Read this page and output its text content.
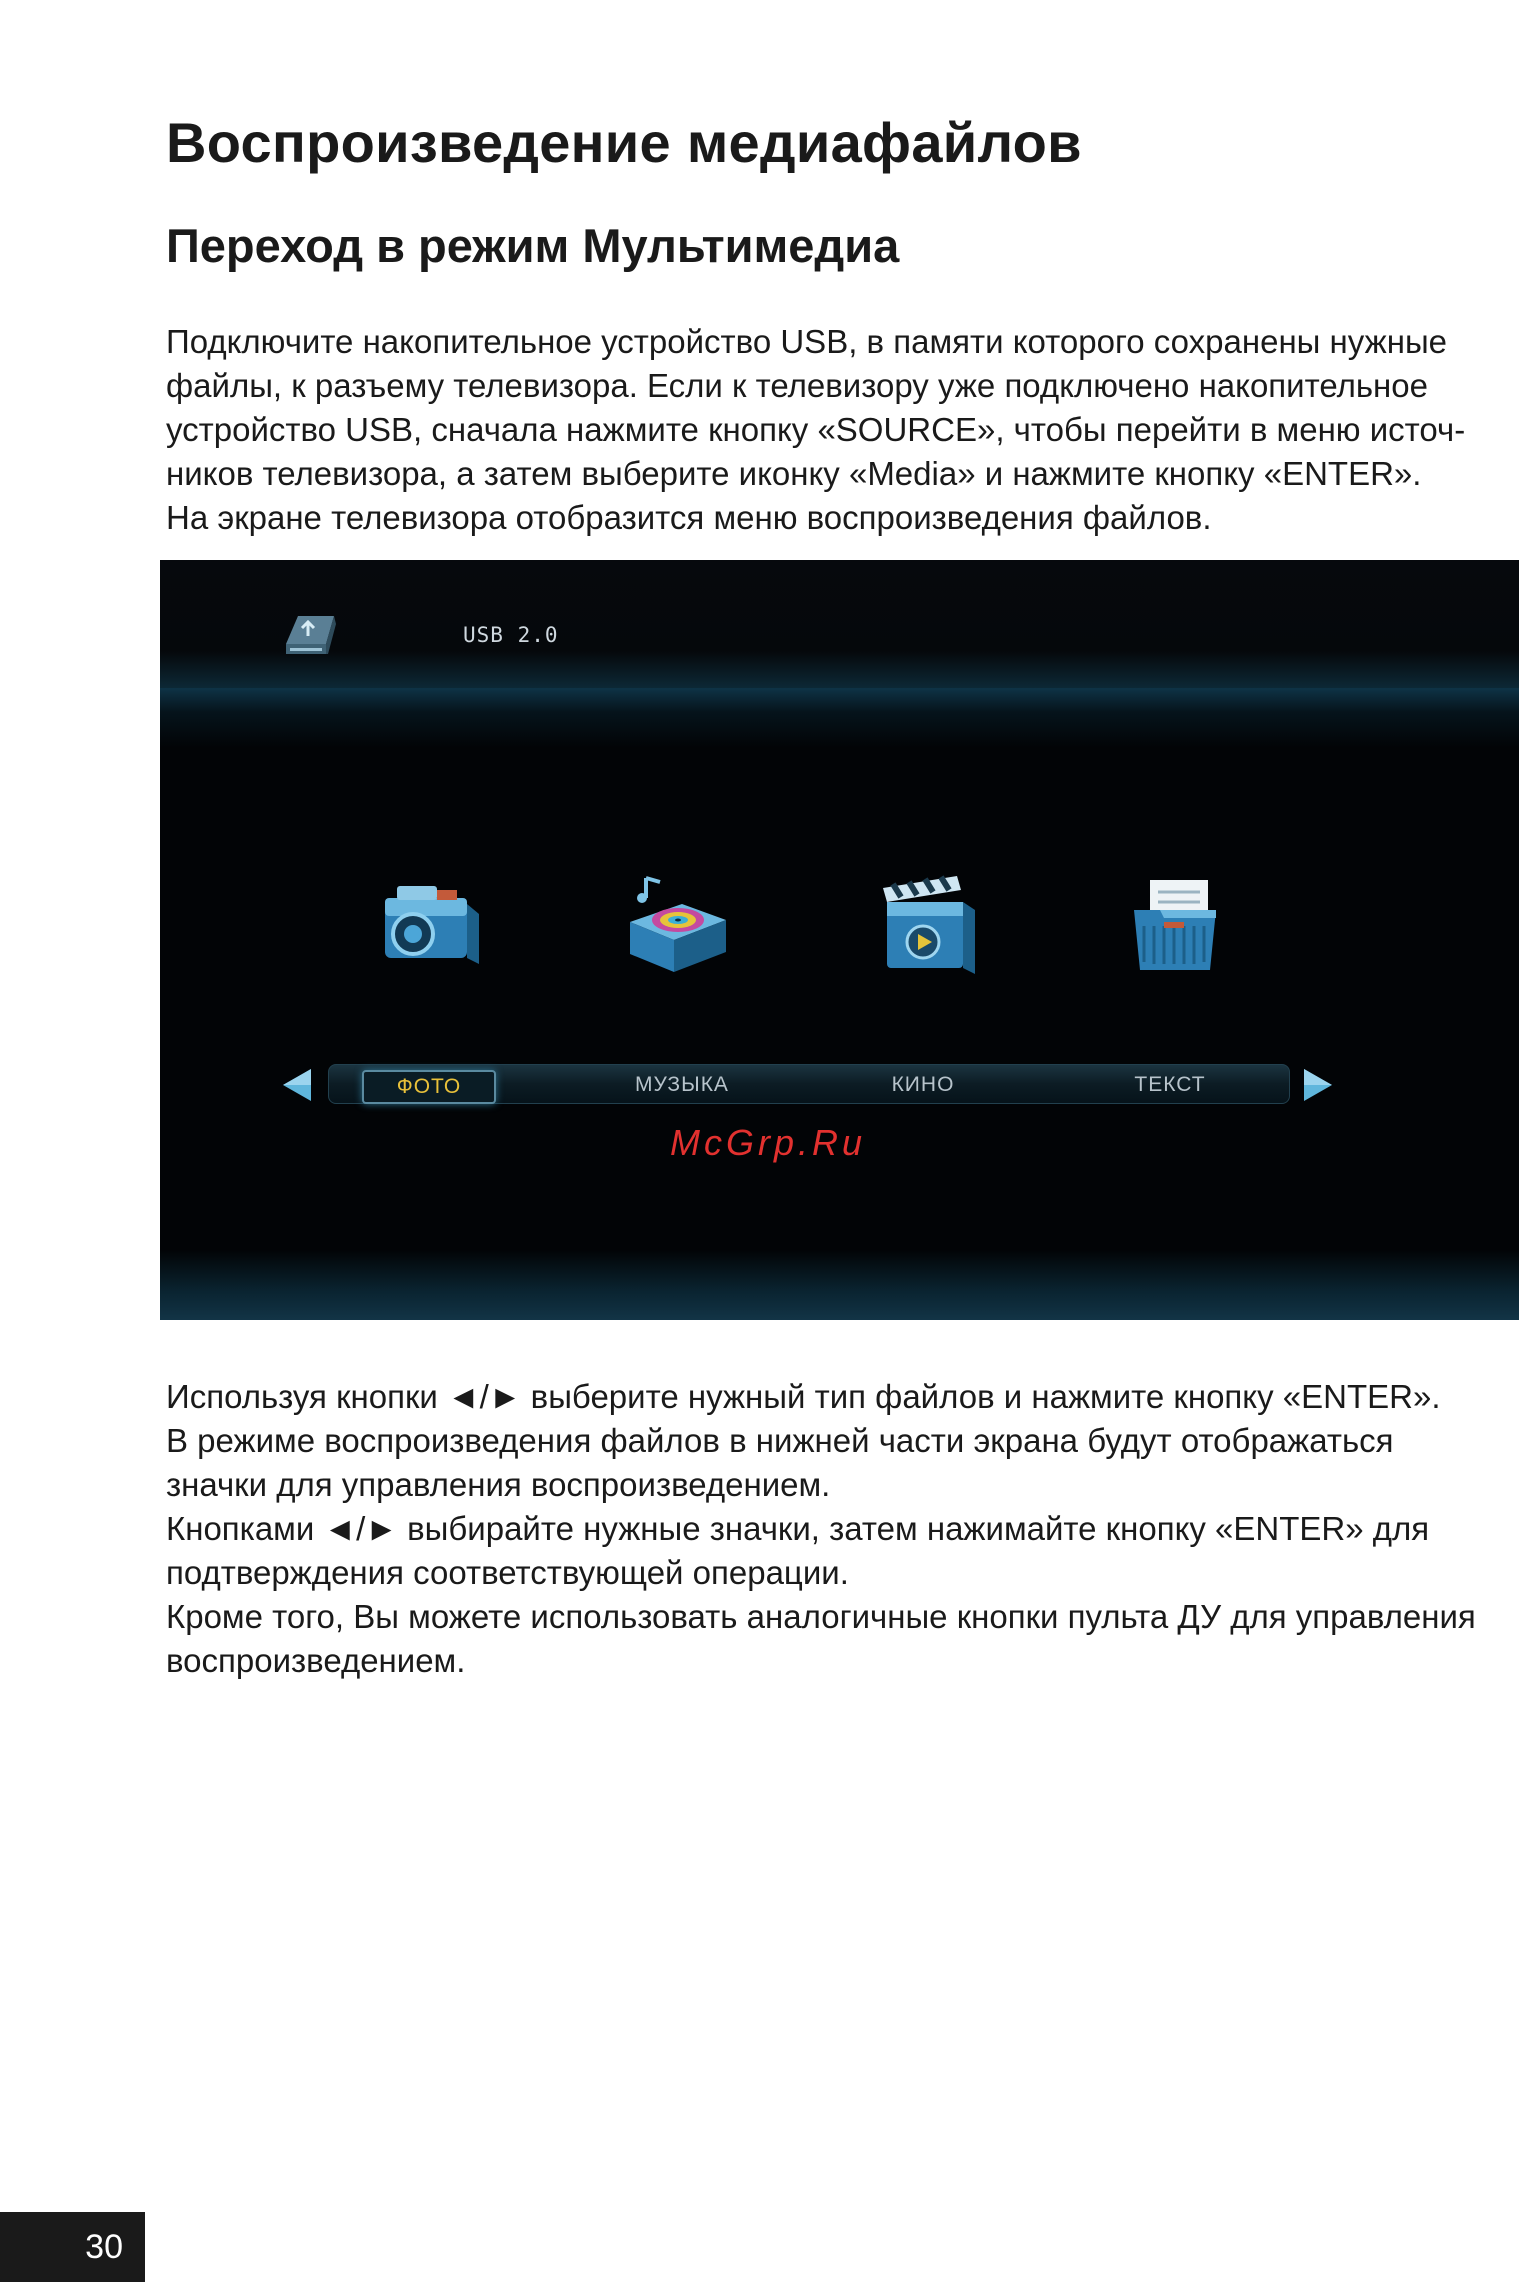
Воспроизведение медиафайлов
Переход в режим Мультимедиа

Подключите накопительное устройство USB, в памяти которого сохранены нужные
файлы, к разъему телевизора. Если к телевизору уже подключено накопительное
устройство USB, сначала нажмите кнопку «SOURCE», чтобы перейти в меню источ-
ников телевизора, а затем выберите иконку «Media» и нажмите кнопку «ENTER».
На экране телевизора отобразится меню воспроизведения файлов.

USB 2.0
ФОТО	МУЗЫКА	КИНО	ТЕКСТ
McGrp.Ru

Используя кнопки ◄/► выберите нужный тип файлов и нажмите кнопку «ENTER».
В режиме воспроизведения файлов в нижней части экрана будут отображаться
значки для управления воспроизведением.
Кнопками ◄/► выбирайте нужные значки, затем нажимайте кнопку «ENTER» для
подтверждения соответствующей операции.
Кроме того, Вы можете использовать аналогичные кнопки пульта ДУ для управления
воспроизведением.

30
